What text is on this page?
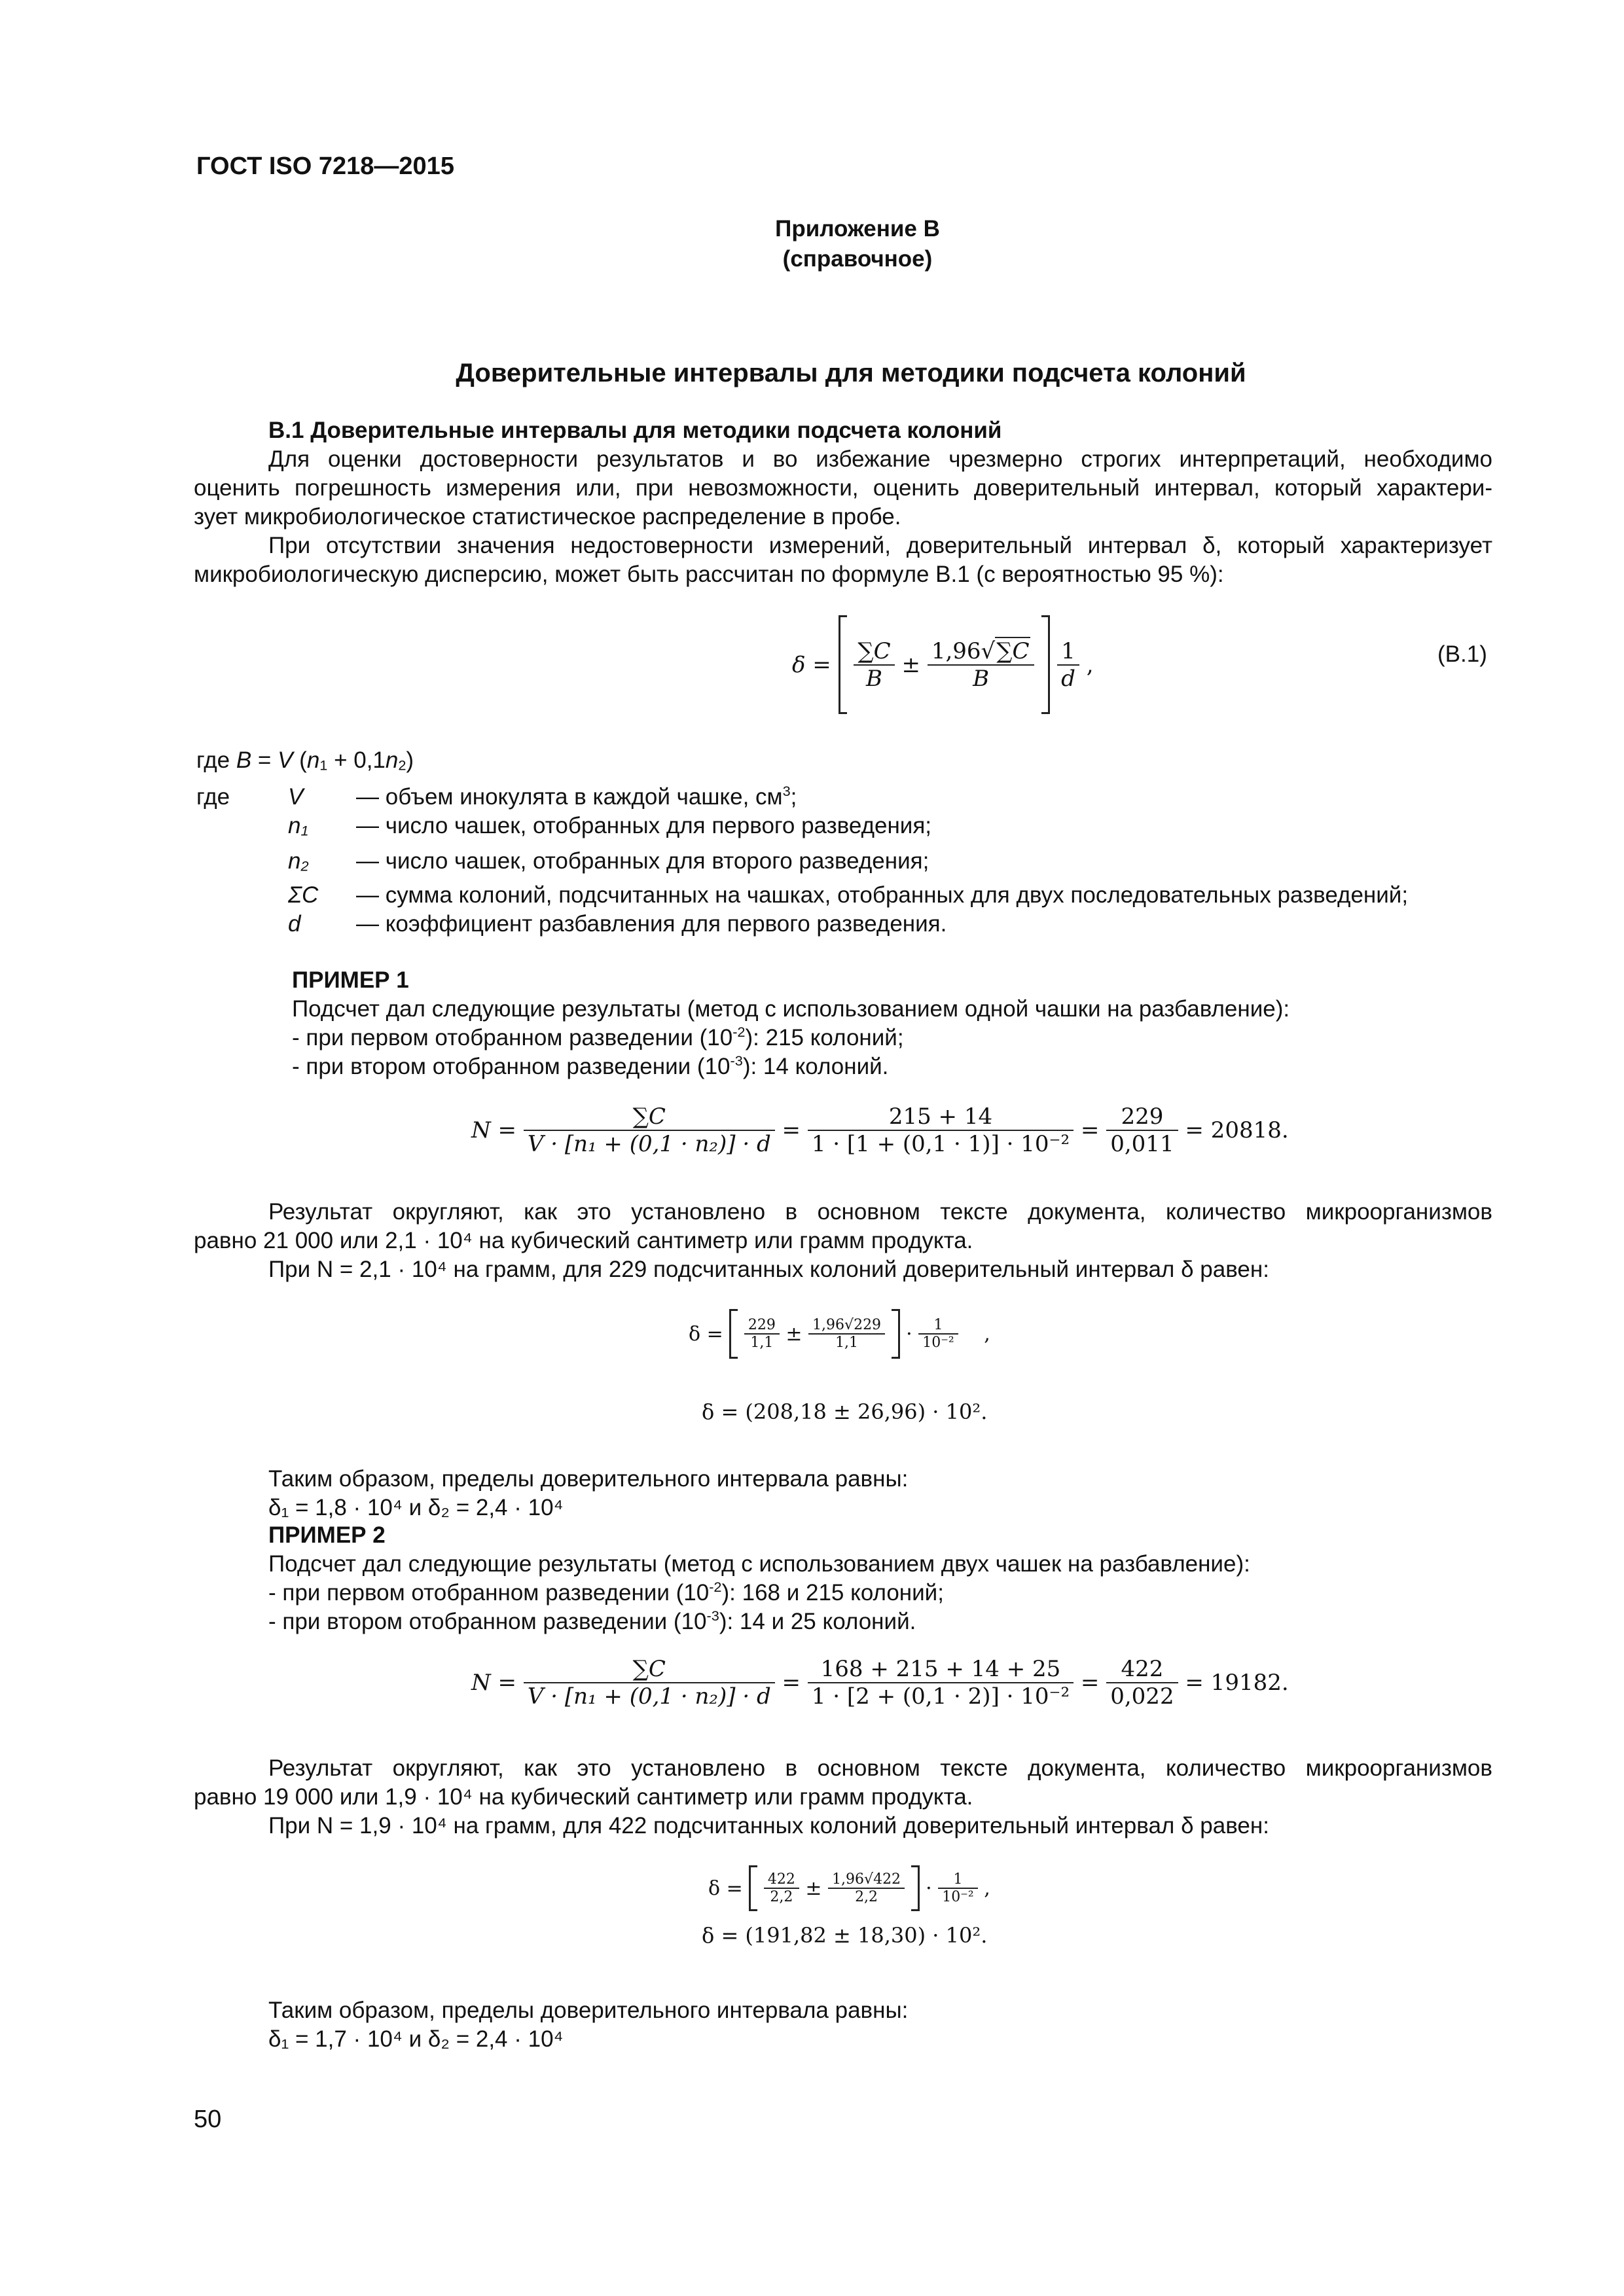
ГОСТ ISO 7218—2015
Приложение В
(справочное)
Доверительные интервалы для методики подсчета колоний
В.1 Доверительные интервалы для методики подсчета колоний
Для оценки достоверности результатов и во избежание чрезмерно строгих интерпретаций, необходимо
оценить погрешность измерения или, при невозможности, оценить доверительный интервал, который характери-
зует микробиологическое статистическое распределение в пробе.
При отсутствии значения недостоверности измерений, доверительный интервал δ, который характеризует
микробиологическую дисперсию, может быть рассчитан по формуле В.1 (с вероятностью 95 %):
$\delta = \frac{\sum C}{B} \pm \frac{1,96√\sum C}{B}$
$\frac{1}{d}$ ,	(В.1)
где B = V $(n_1 + 0,1n_2)$
где	V — объем инокулята в каждой чашке, $см^3$;
$n_1$ — число чашек, отобранных для первого разведения;
$n_2$ — число чашек, отобранных для второго разведения;
ΣC — сумма колоний, подсчитанных на чашках, отобранных для двух последовательных разведений;
d — коэффициент разбавления для первого разведения.
ПРИМЕР 1
Подсчет дал следующие результаты (метод с использованием одной чашки на разбавление):
- при первом отобранном разведении $(10^{-2})$: 215 колоний;
- при втором отобранном разведении $(10^{-3})$: 14 колоний.
$N = \frac{\sum C}{\text{V · [n₁ + (0,1 · n₂)] · d}} = \frac{215 + 14}{\text{1 · [1 + (0,1 · 1)] · 10⁻²}} = \frac{229}{0,011} = 20818$.
Результат округляют, как это установлено в основном тексте документа, количество микроорганизмов
равно 21 000 или 2,1 · 10⁴ на кубический сантиметр или грамм продукта.
При N = 2,1 · 10⁴ на грамм, для 229 подсчитанных колоний доверительный интервал δ равен:
$\delta = \frac{229}{1,1} \pm \frac{1,96√229}{1,1} \cdot \frac{1}{\text{10⁻²}}$ ,
δ = (208,18 ± 26,96) · 10².
Таким образом, пределы доверительного интервала равны:
δ₁ = 1,8 · 10⁴ и δ₂ = 2,4 · 10⁴
ПРИМЕР 2
Подсчет дал следующие результаты (метод с использованием двух чашек на разбавление):
- при первом отобранном разведении $(10^{-2})$: 168 и 215 колоний;
- при втором отобранном разведении $(10^{-3})$: 14 и 25 колоний.
$N = \frac{\sum C}{\text{V · [n₁ + (0,1 · n₂)] · d}} = \frac{168 + 215 + 14 + 25}{\text{1 · [2 + (0,1 · 2)] · 10⁻²}} = \frac{422}{0,022} = 19182$.
Результат округляют, как это установлено в основном тексте документа, количество микроорганизмов
равно 19 000 или 1,9 · 10⁴ на кубический сантиметр или грамм продукта.
При N = 1,9 · 10⁴ на грамм, для 422 подсчитанных колоний доверительный интервал δ равен:
$\delta = \frac{422}{2,2} \pm \frac{1,96√422}{2,2} \cdot \frac{1}{\text{10⁻²}}$ ,
δ = (191,82 ± 18,30) · 10².
Таким образом, пределы доверительного интервала равны:
δ₁ = 1,7 · 10⁴ и δ₂ = 2,4 · 10⁴
50
